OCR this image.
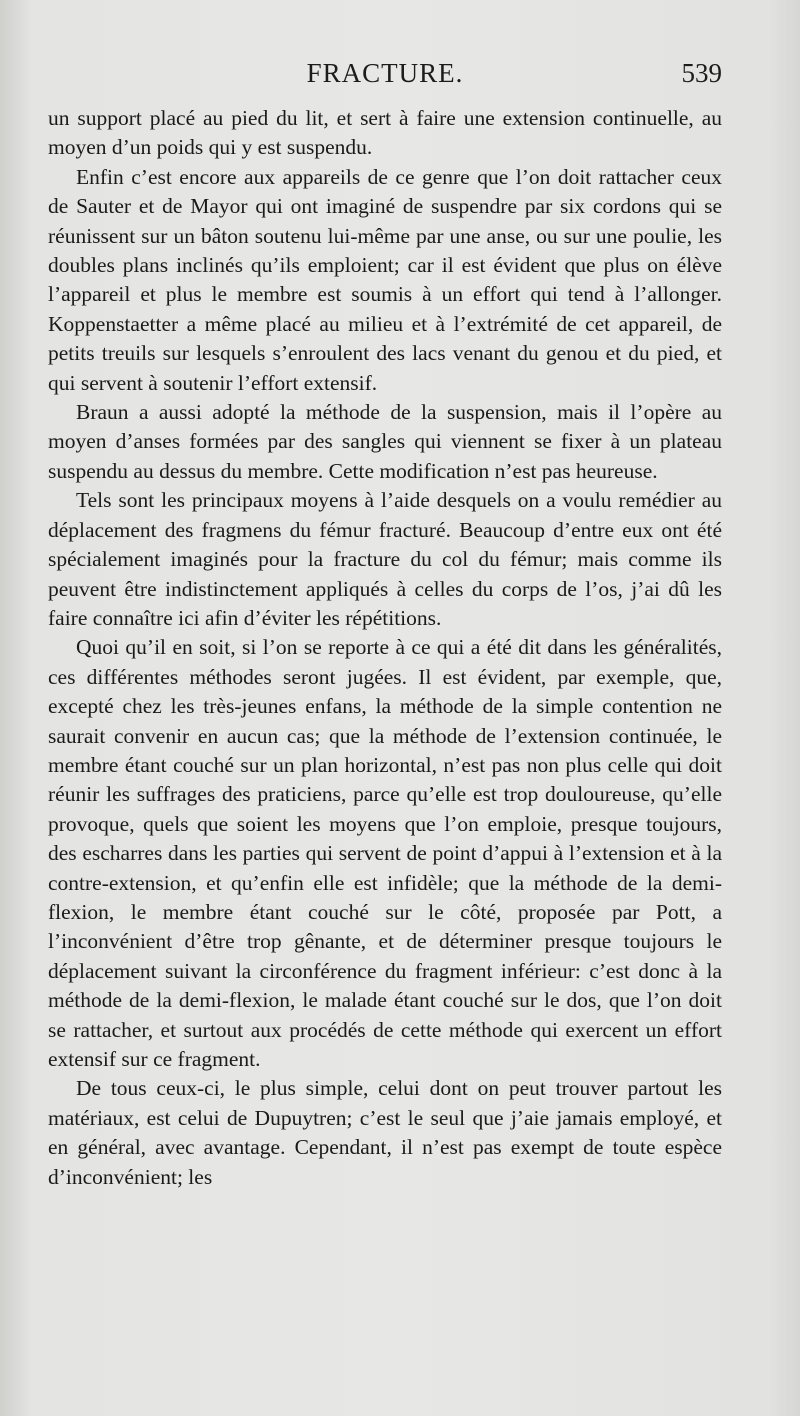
FRACTURE.	539

un support placé au pied du lit, et sert à faire une extension continuelle, au moyen d’un poids qui y est suspendu.

Enfin c’est encore aux appareils de ce genre que l’on doit rattacher ceux de Sauter et de Mayor qui ont imaginé de suspendre par six cordons qui se réunissent sur un bâton soutenu lui-même par une anse, ou sur une poulie, les doubles plans inclinés qu’ils emploient; car il est évident que plus on élève l’appareil et plus le membre est soumis à un effort qui tend à l’allonger. Koppenstaetter a même placé au milieu et à l’extrémité de cet appareil, de petits treuils sur lesquels s’enroulent des lacs venant du genou et du pied, et qui servent à soutenir l’effort extensif.

Braun a aussi adopté la méthode de la suspension, mais il l’opère au moyen d’anses formées par des sangles qui viennent se fixer à un plateau suspendu au dessus du membre. Cette modification n’est pas heureuse.

Tels sont les principaux moyens à l’aide desquels on a voulu remédier au déplacement des fragmens du fémur fracturé. Beaucoup d’entre eux ont été spécialement imaginés pour la fracture du col du fémur; mais comme ils peuvent être indistinctement appliqués à celles du corps de l’os, j’ai dû les faire connaître ici afin d’éviter les répétitions.

Quoi qu’il en soit, si l’on se reporte à ce qui a été dit dans les généralités, ces différentes méthodes seront jugées. Il est évident, par exemple, que, excepté chez les très-jeunes enfans, la méthode de la simple contention ne saurait convenir en aucun cas; que la méthode de l’extension continuée, le membre étant couché sur un plan horizontal, n’est pas non plus celle qui doit réunir les suffrages des praticiens, parce qu’elle est trop douloureuse, qu’elle provoque, quels que soient les moyens que l’on emploie, presque toujours, des escharres dans les parties qui servent de point d’appui à l’extension et à la contre-extension, et qu’enfin elle est infidèle; que la méthode de la demi-flexion, le membre étant couché sur le côté, proposée par Pott, a l’inconvénient d’être trop gênante, et de déterminer presque toujours le déplacement suivant la circonférence du fragment inférieur: c’est donc à la méthode de la demi-flexion, le malade étant couché sur le dos, que l’on doit se rattacher, et surtout aux procédés de cette méthode qui exercent un effort extensif sur ce fragment.

De tous ceux-ci, le plus simple, celui dont on peut trouver partout les matériaux, est celui de Dupuytren; c’est le seul que j’aie jamais employé, et en général, avec avantage. Cependant, il n’est pas exempt de toute espèce d’inconvénient; les
